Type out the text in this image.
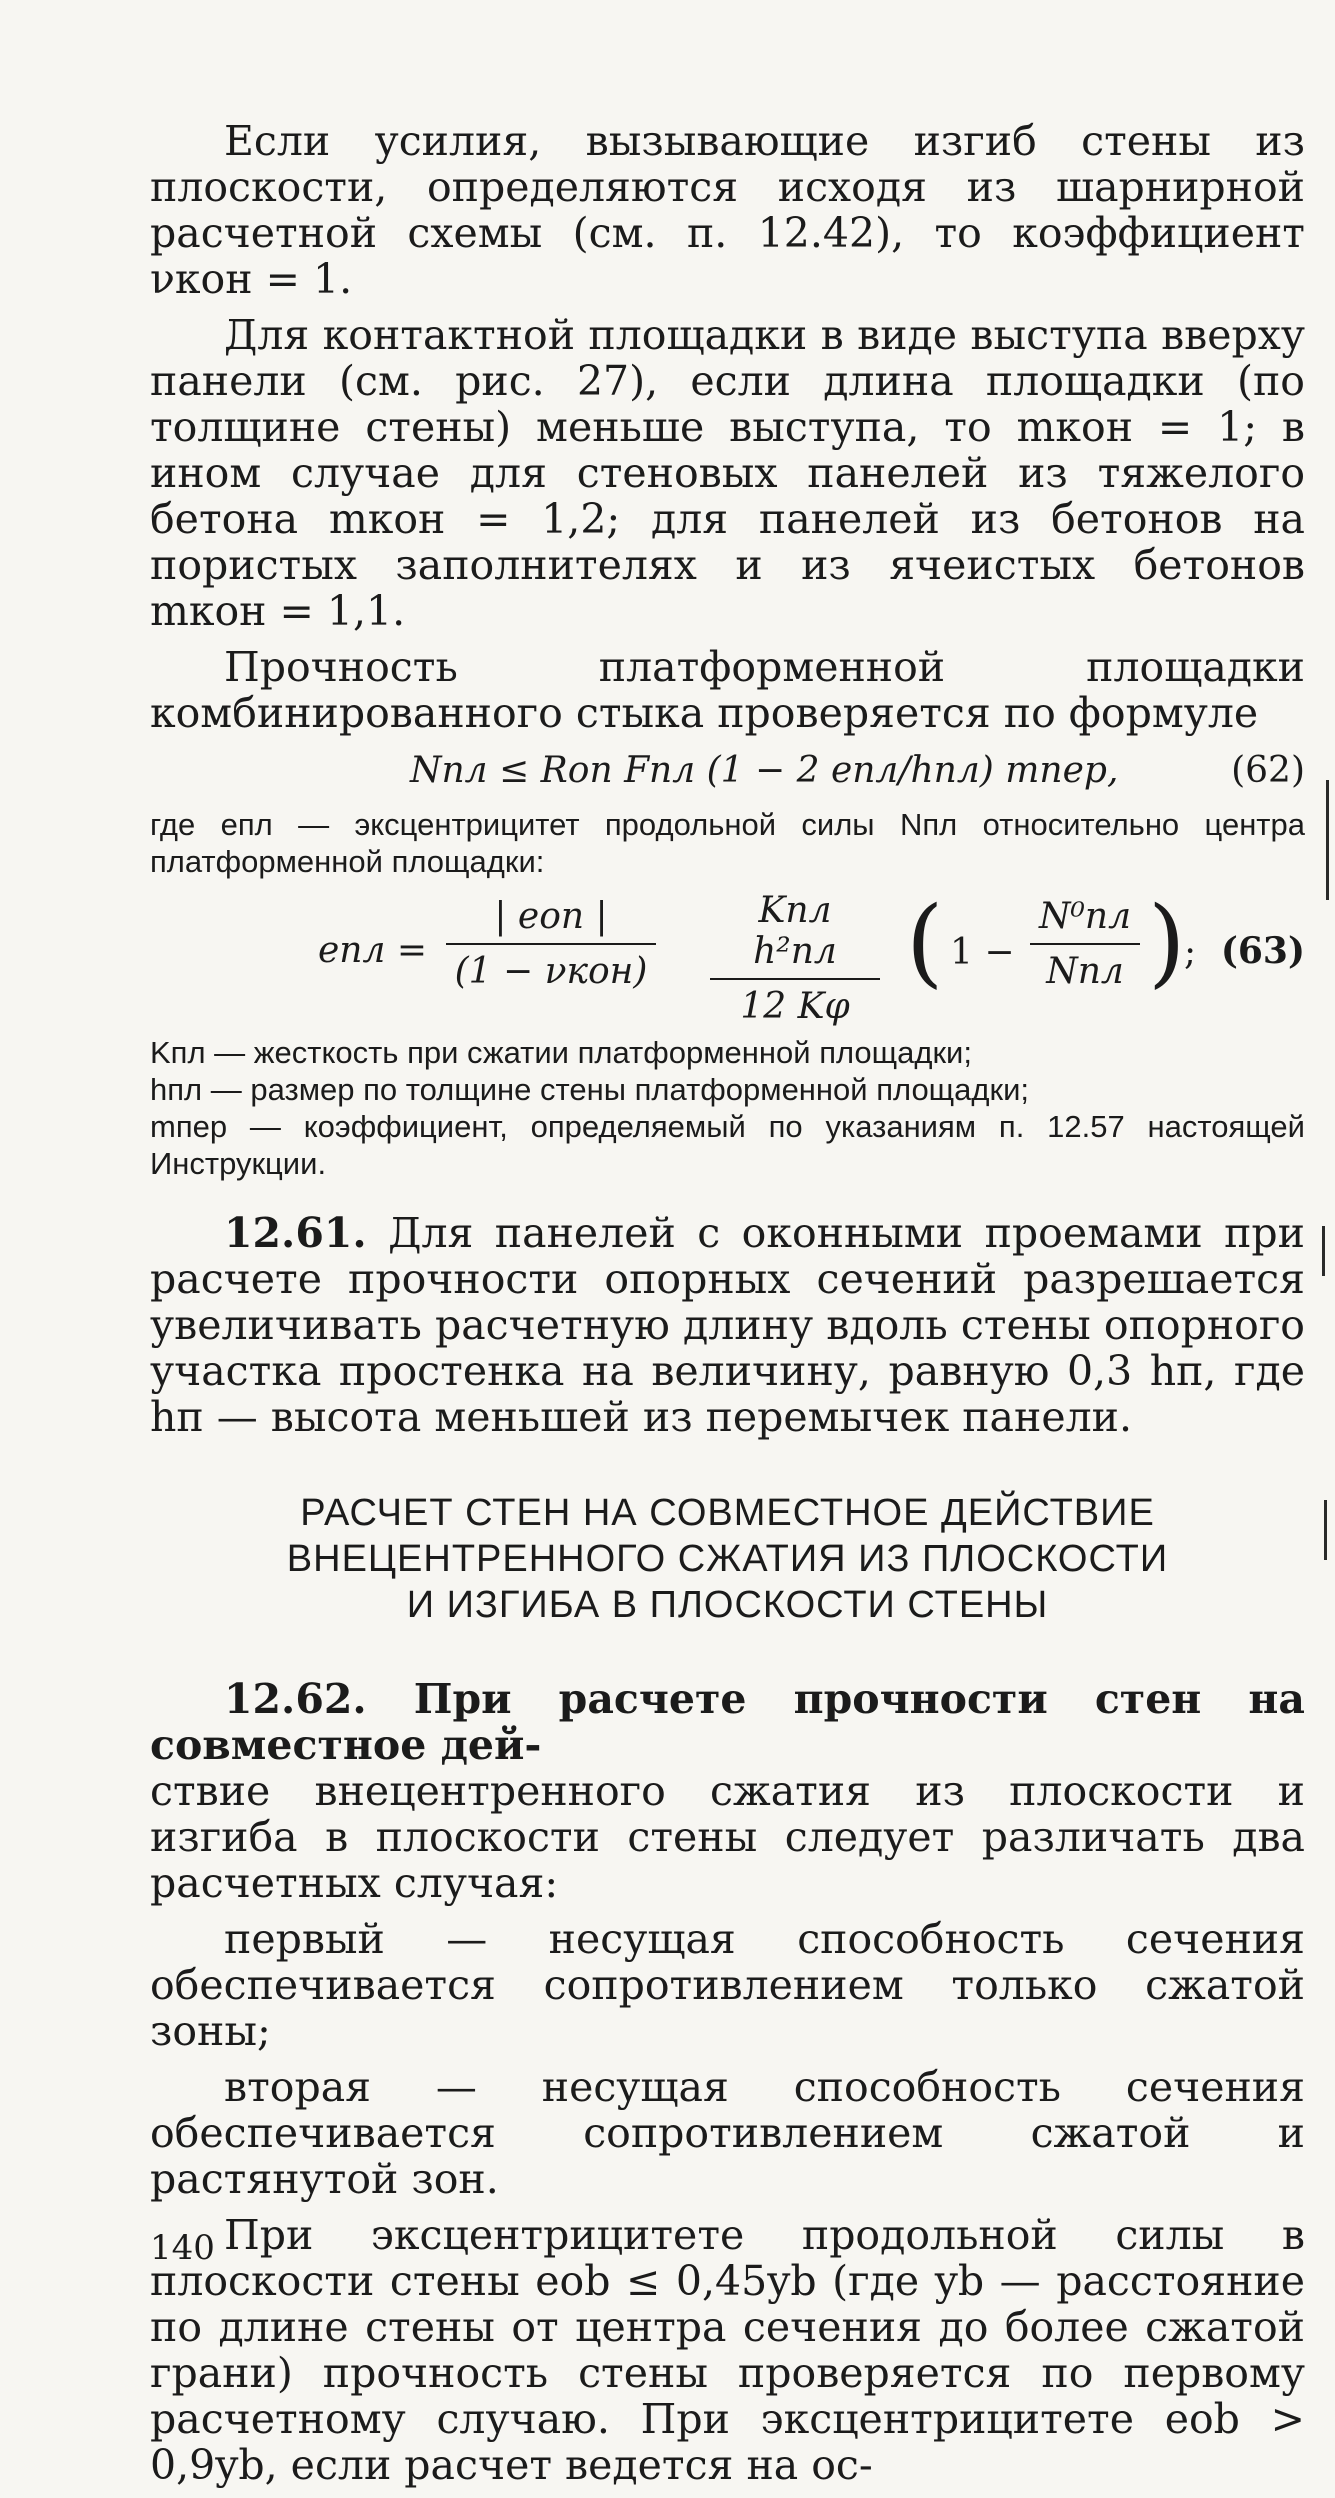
Если усилия, вызывающие изгиб стены из плоскости, определяются исходя из шарнирной расчетной схемы (см. п. 12.42), то коэффициент νкон = 1.

Для контактной площадки в виде выступа вверху панели (см. рис. 27), если длина площадки (по толщине стены) меньше выступа, то mкон = 1; в ином случае для стеновых панелей из тяжелого бетона mкон = 1,2; для панелей из бетонов на пористых заполнителях и из ячеистых бетонов mкон = 1,1.

Прочность платформенной площадки комбинированного стыка проверяется по формуле

Nпл ≤ Rоп Fпл (1 − 2 eпл/hпл) mпер,	(62)

где eпл — эксцентрицитет продольной силы Nпл относительно центра платформенной площадки:

eпл =
| eоп |
(1 − νкон)
Kпл h²пл
12 Kφ
( 1 −
N⁰пл
Nпл )
; (63)

Kпл — жесткость при сжатии платформенной площадки;

hпл — размер по толщине стены платформенной площадки;

mпер — коэффициент, определяемый по указаниям п. 12.57 настоящей Инструкции.

12.61. Для панелей с оконными проемами при расчете прочности опорных сечений разрешается увеличивать расчетную длину вдоль стены опорного участка простенка на величину, равную 0,3 hп, где hп — высота меньшей из перемычек панели.

РАСЧЕТ СТЕН НА СОВМЕСТНОЕ ДЕЙСТВИЕ
ВНЕЦЕНТРЕННОГО СЖАТИЯ ИЗ ПЛОСКОСТИ
И ИЗГИБА В ПЛОСКОСТИ СТЕНЫ

12.62. При расчете прочности стен на совместное дей-

ствие внецентренного сжатия из плоскости и изгиба в плоскости стены следует различать два расчетных случая:

первый — несущая способность сечения обеспечивается сопротивлением только сжатой зоны;

вторая — несущая способность сечения обеспечивается сопротивлением сжатой и растянутой зон.

При эксцентрицитете продольной силы в плоскости стены eоb ≤ 0,45yb (где yb — расстояние по длине стены от центра сечения до более сжатой грани) прочность стены проверяется по первому расчетному случаю. При эксцентрицитете eоb > 0,9yb, если расчет ведется на ос-

140
